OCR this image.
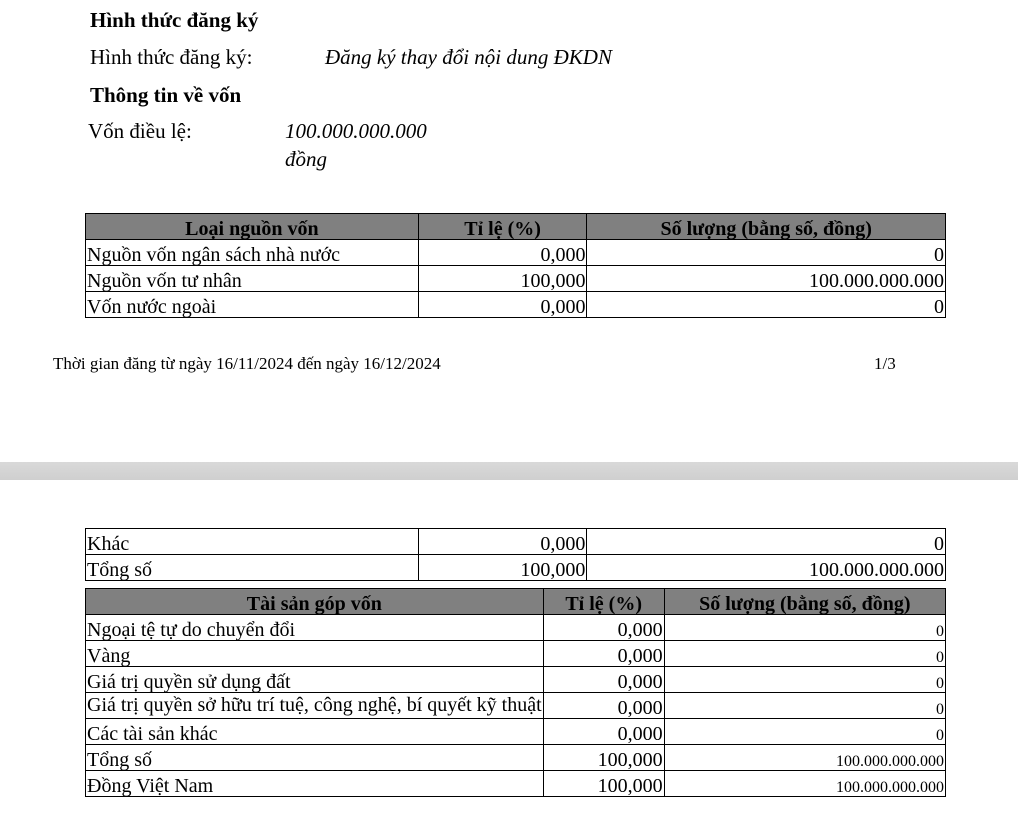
Hình thức đăng ký
Hình thức đăng ký:	Đăng ký thay đổi nội dung ĐKDN
Thông tin về vốn
Vốn điều lệ:	100.000.000.000
đồng
Loại nguồn vốn	Tỉ lệ (%)	Số lượng (bằng số, đồng)
Nguồn vốn ngân sách nhà nước	0,000	0
Nguồn vốn tư nhân	100,000	100.000.000.000
Vốn nước ngoài	0,000	0
Thời gian đăng từ ngày 16/11/2024 đến ngày 16/12/2024	1/3
Khác	0,000	0
Tổng số	100,000	100.000.000.000
Tài sản góp vốn	Tỉ lệ (%)	Số lượng (bằng số, đồng)
Ngoại tệ tự do chuyển đổi	0,000	0
Vàng	0,000	0
Giá trị quyền sử dụng đất	0,000	0
Giá trị quyền sở hữu trí tuệ, công nghệ, bí quyết kỹ thuật	0,000	0
Các tài sản khác	0,000	0
Tổng số	100,000	100.000.000.000
Đồng Việt Nam	100,000	100.000.000.000
